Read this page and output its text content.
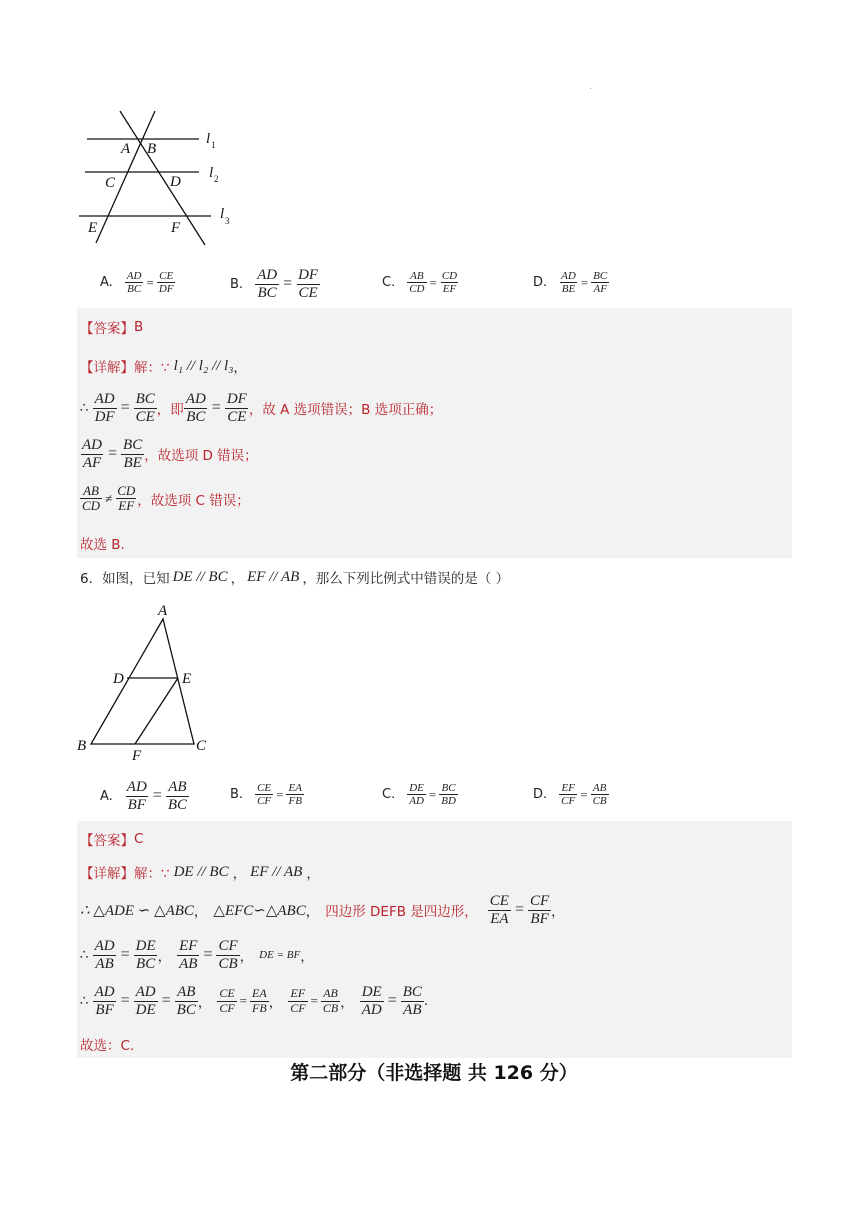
A B
C	D
E	F
l 1
l 2
l 3
A. $\frac{AD}{BC} = \frac{CE}{DF}$	B. $\frac{AD}{BC} = \frac{DF}{CE}$	C. $\frac{AB}{CD} = \frac{CD}{EF}$	D. $\frac{AD}{BE} = \frac{BC}{AF}$
【答案】 B
【详解】 解：∵ l₁ // l₂ // l₃ ，
∴ $\frac{AD}{DF} = \frac{BC}{CE}$ ，即 $\frac{AD}{BC} = \frac{DF}{CE}$ ，故 A 选项错误；B 选项正确；
$\frac{AD}{AF} = \frac{BC}{BE}$ ，故选项 D 错误；
$\frac{AB}{CD} \ne \frac{CD}{EF}$ ，故选项 C 错误；
故选 B.
6．如图，已知 DE // BC ， EF // AB ，那么下列比例式中错误的是（ ）
A
B	C
D	E
F
A. $\frac{AD}{BF} = \frac{AB}{BC}$	B. $\frac{CE}{CF} = \frac{EA}{FB}$	C. $\frac{DE}{AD} = \frac{BC}{BD}$	D. $\frac{EF}{CF} = \frac{AB}{CB}$
【答案】 C
【详解】 解：∵ DE // BC ， EF // AB ，
∴ △ADE ∽ △ABC ， △EFC∽△ABC ， 四边形 DEFB 是四边形， $\frac{CE}{EA} = \frac{CF}{BF}$ ，
∴ $\frac{AD}{AB} = \frac{DE}{BC}$ ， $\frac{EF}{AB} = \frac{CF}{CB}$ ， DE = BF ，
∴ $\frac{AD}{BF} = \frac{AD}{DE} = \frac{AB}{BC}$ ， $\frac{CE}{CF} = \frac{EA}{FB}$ ， $\frac{EF}{CF} = \frac{AB}{CB}$ ， $\frac{DE}{AD} = \frac{BC}{AB}$ .
故选：C.
第二部分（非选择题 共 126 分）
